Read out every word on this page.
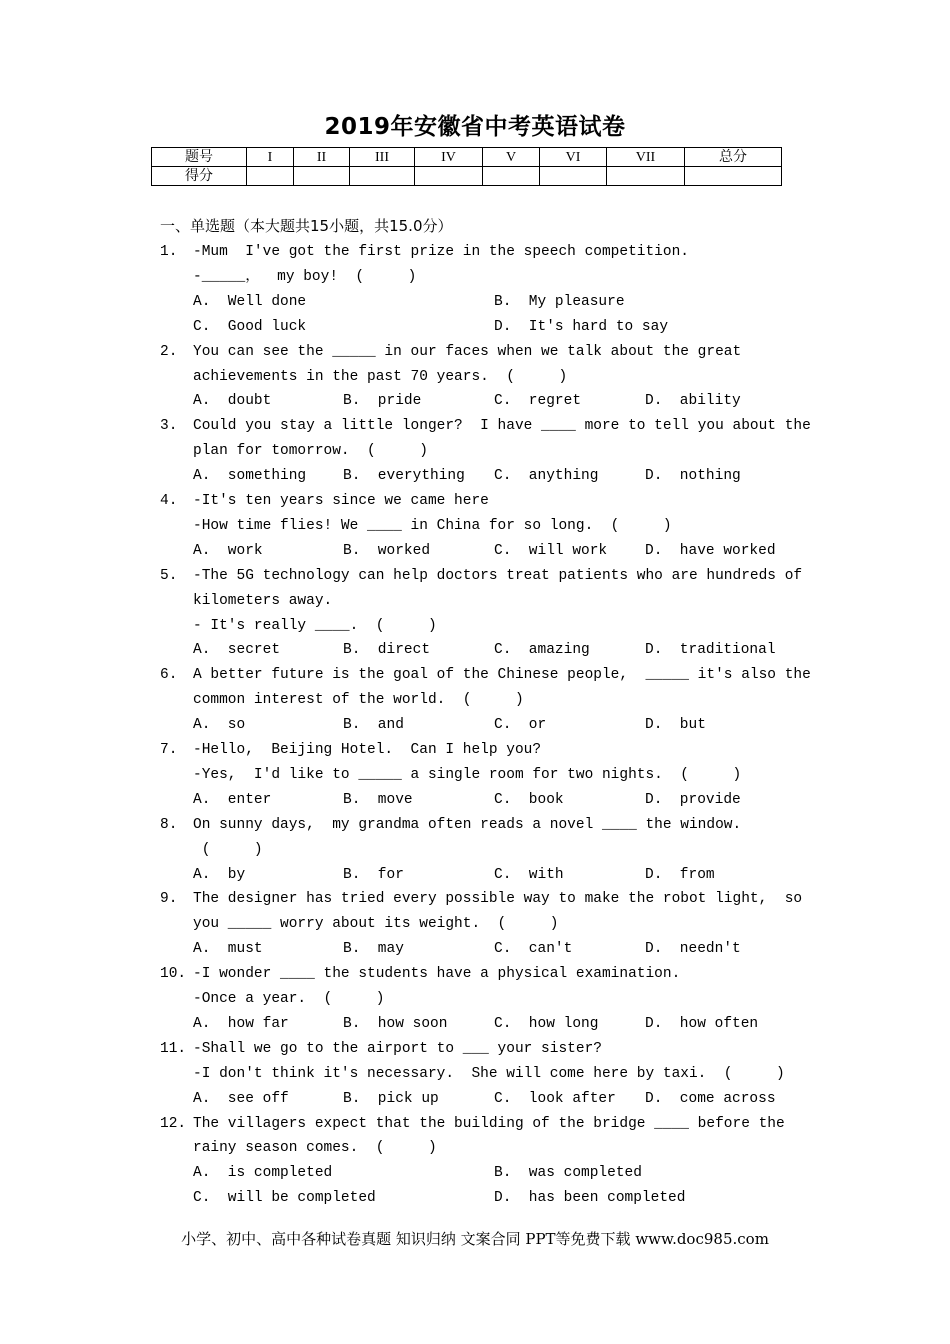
2019年安徽省中考英语试卷
题号	I	II	III	IV	V	VI	VII	总分
得分								
一、单选题（本大题共15小题，共15.0分）
1. -Mum  I've got the first prize in the speech competition.
-_____，  my boy!  (     )
A.  Well done	B.  My pleasure
C.  Good luck	D.  It's hard to say
2. You can see the _____ in our faces when we talk about the great
achievements in the past 70 years.  (     )
A.  doubt	B.  pride	C.  regret	D.  ability
3. Could you stay a little longer?  I have ____ more to tell you about the
plan for tomorrow.  (     )
A.  something	B.  everything C.  anything	D.  nothing
4. -It's ten years since we came here
-How time flies! We ____ in China for so long.  (     )
A.  work	B.  worked	C.  will work	D.  have worked
5. -The 5G technology can help doctors treat patients who are hundreds of
kilometers away.
- It's really ____.  (     )
A.  secret	B.  direct	C.  amazing	D.  traditional
6. A better future is the goal of the Chinese people,  _____ it's also the
common interest of the world.  (     )
A.  so	B.  and	C.  or	D.  but
7. -Hello,  Beijing Hotel.  Can I help you?
-Yes,  I'd like to _____ a single room for two nights.  (     )
A.  enter	B.  move	C.  book	D.  provide
8. On sunny days,  my grandma often reads a novel ____ the window.
(     )
A.  by	B.  for	C.  with	D.  from
9. The designer has tried every possible way to make the robot light,  so
you _____ worry about its weight.  (     )
A.  must	B.  may	C.  can't	D.  needn't
10. -I wonder ____ the students have a physical examination.
-Once a year.  (     )
A.  how far	B.  how soon	C.  how long	D.  how often
11. -Shall we go to the airport to ___ your sister?
-I don't think it's necessary.  She will come here by taxi.  (     )
A.  see off	B.  pick up	C.  look after D.  come across
12. The villagers expect that the building of the bridge ____ before the
rainy season comes.  (     )
A.  is completed	B.  was completed
C.  will be completed	D.  has been completed
小学、初中、高中各种试卷真题 知识归纳 文案合同 PPT等免费下载 www.doc985.com
